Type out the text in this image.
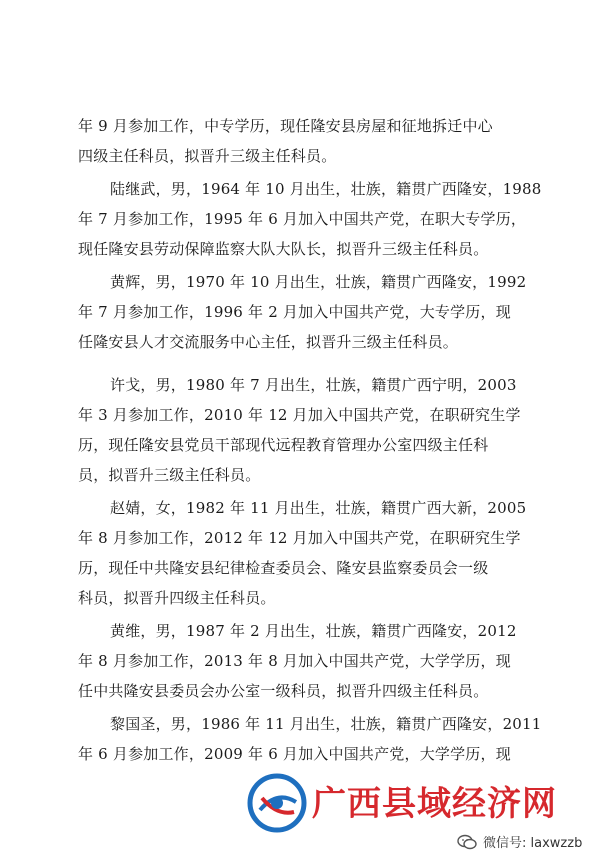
年 9 月参加工作，中专学历，现任隆安县房屋和征地拆迁中心
四级主任科员，拟晋升三级主任科员。
陆继武，男，1964 年 10 月出生，壮族，籍贯广西隆安，1988
年 7 月参加工作，1995 年 6 月加入中国共产党，在职大专学历，
现任隆安县劳动保障监察大队大队长，拟晋升三级主任科员。
黄辉，男，1970 年 10 月出生，壮族，籍贯广西隆安，1992
年 7 月参加工作，1996 年 2 月加入中国共产党，大专学历，现
任隆安县人才交流服务中心主任，拟晋升三级主任科员。
许戈，男，1980 年 7 月出生，壮族，籍贯广西宁明，2003
年 3 月参加工作，2010 年 12 月加入中国共产党，在职研究生学
历，现任隆安县党员干部现代远程教育管理办公室四级主任科
员，拟晋升三级主任科员。
赵婧，女，1982 年 11 月出生，壮族，籍贯广西大新，2005
年 8 月参加工作，2012 年 12 月加入中国共产党，在职研究生学
历，现任中共隆安县纪律检查委员会、隆安县监察委员会一级
科员，拟晋升四级主任科员。
黄维，男，1987 年 2 月出生，壮族，籍贯广西隆安，2012
年 8 月参加工作，2013 年 8 月加入中国共产党，大学学历，现
任中共隆安县委员会办公室一级科员，拟晋升四级主任科员。
黎国圣，男，1986 年 11 月出生，壮族，籍贯广西隆安，2011
年 6 月参加工作，2009 年 6 月加入中国共产党，大学学历，现
广西县域经济网
微信号: laxwzzb
